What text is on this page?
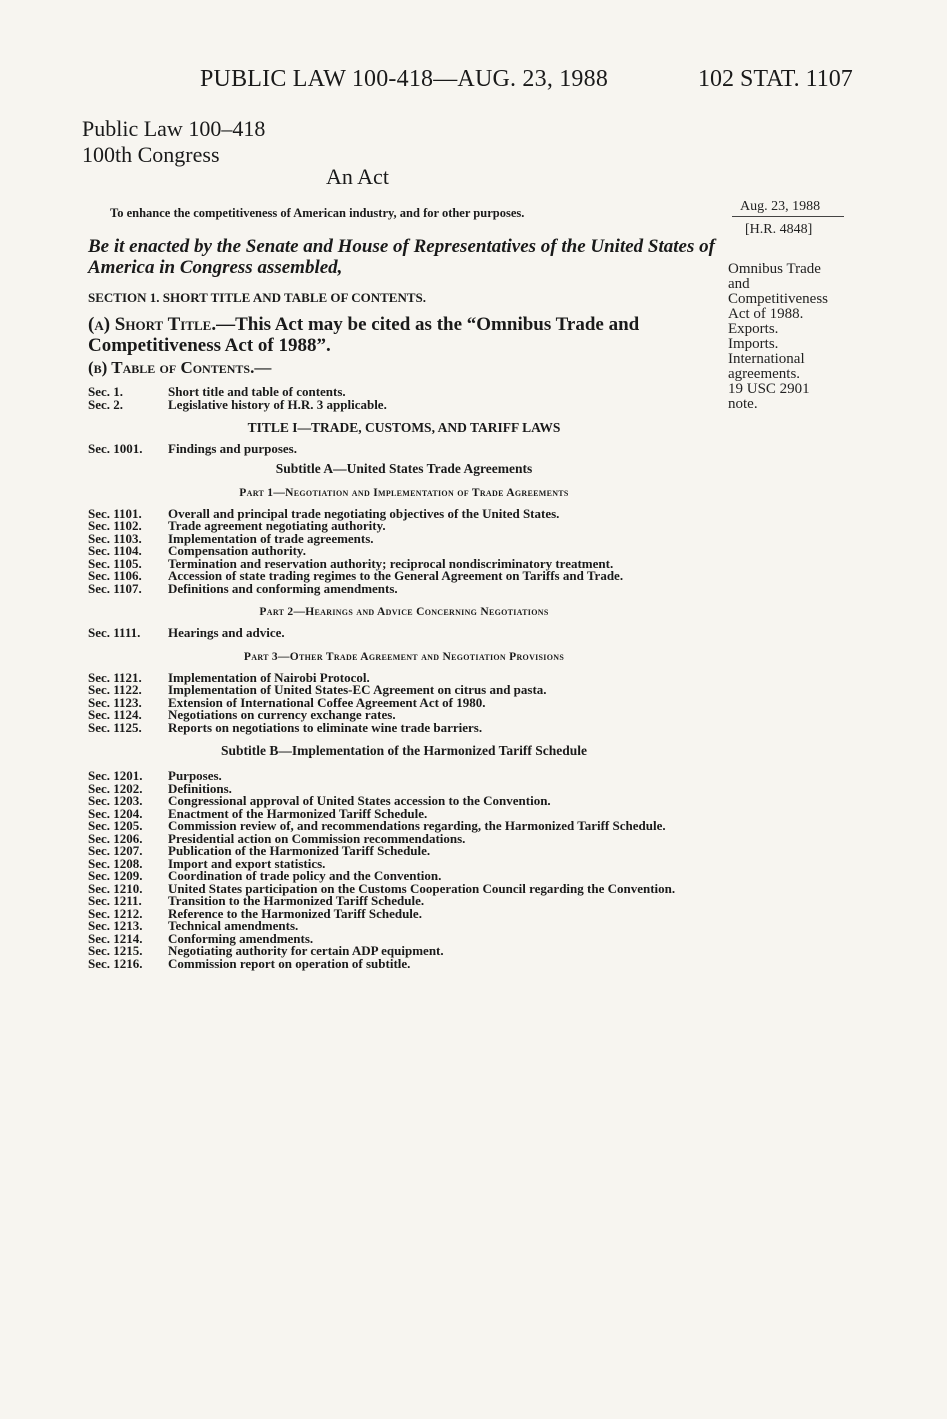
PUBLIC LAW 100-418—AUG. 23, 1988	102 STAT. 1107
Public Law 100–418
100th Congress
An Act
To enhance the competitiveness of American industry, and for other purposes.
Be it enacted by the Senate and House of Representatives of the United States of America in Congress assembled,
SECTION 1. SHORT TITLE AND TABLE OF CONTENTS.
(a) Short Title.—This Act may be cited as the “Omnibus Trade and Competitiveness Act of 1988”.
(b) Table of Contents.—
Aug. 23, 1988
[H.R. 4848]
Omnibus Trade
and
Competitiveness
Act of 1988.
Exports.
Imports.
International
agreements.
19 USC 2901
note.
Sec. 1.	Short title and table of contents.
Sec. 2.	Legislative history of H.R. 3 applicable.
TITLE I—TRADE, CUSTOMS, AND TARIFF LAWS
Sec. 1001.	Findings and purposes.
Subtitle A—United States Trade Agreements
Part 1—Negotiation and Implementation of Trade Agreements
Sec. 1101.	Overall and principal trade negotiating objectives of the United States.
Sec. 1102.	Trade agreement negotiating authority.
Sec. 1103.	Implementation of trade agreements.
Sec. 1104.	Compensation authority.
Sec. 1105.	Termination and reservation authority; reciprocal nondiscriminatory treatment.
Sec. 1106.	Accession of state trading regimes to the General Agreement on Tariffs and Trade.
Sec. 1107.	Definitions and conforming amendments.
Part 2—Hearings and Advice Concerning Negotiations
Sec. 1111.	Hearings and advice.
Part 3—Other Trade Agreement and Negotiation Provisions
Sec. 1121.	Implementation of Nairobi Protocol.
Sec. 1122.	Implementation of United States-EC Agreement on citrus and pasta.
Sec. 1123.	Extension of International Coffee Agreement Act of 1980.
Sec. 1124.	Negotiations on currency exchange rates.
Sec. 1125.	Reports on negotiations to eliminate wine trade barriers.
Subtitle B—Implementation of the Harmonized Tariff Schedule
Sec. 1201.	Purposes.
Sec. 1202.	Definitions.
Sec. 1203.	Congressional approval of United States accession to the Convention.
Sec. 1204.	Enactment of the Harmonized Tariff Schedule.
Sec. 1205.	Commission review of, and recommendations regarding, the Harmonized Tariff Schedule.
Sec. 1206.	Presidential action on Commission recommendations.
Sec. 1207.	Publication of the Harmonized Tariff Schedule.
Sec. 1208.	Import and export statistics.
Sec. 1209.	Coordination of trade policy and the Convention.
Sec. 1210.	United States participation on the Customs Cooperation Council regarding the Convention.
Sec. 1211.	Transition to the Harmonized Tariff Schedule.
Sec. 1212.	Reference to the Harmonized Tariff Schedule.
Sec. 1213.	Technical amendments.
Sec. 1214.	Conforming amendments.
Sec. 1215.	Negotiating authority for certain ADP equipment.
Sec. 1216.	Commission report on operation of subtitle.
